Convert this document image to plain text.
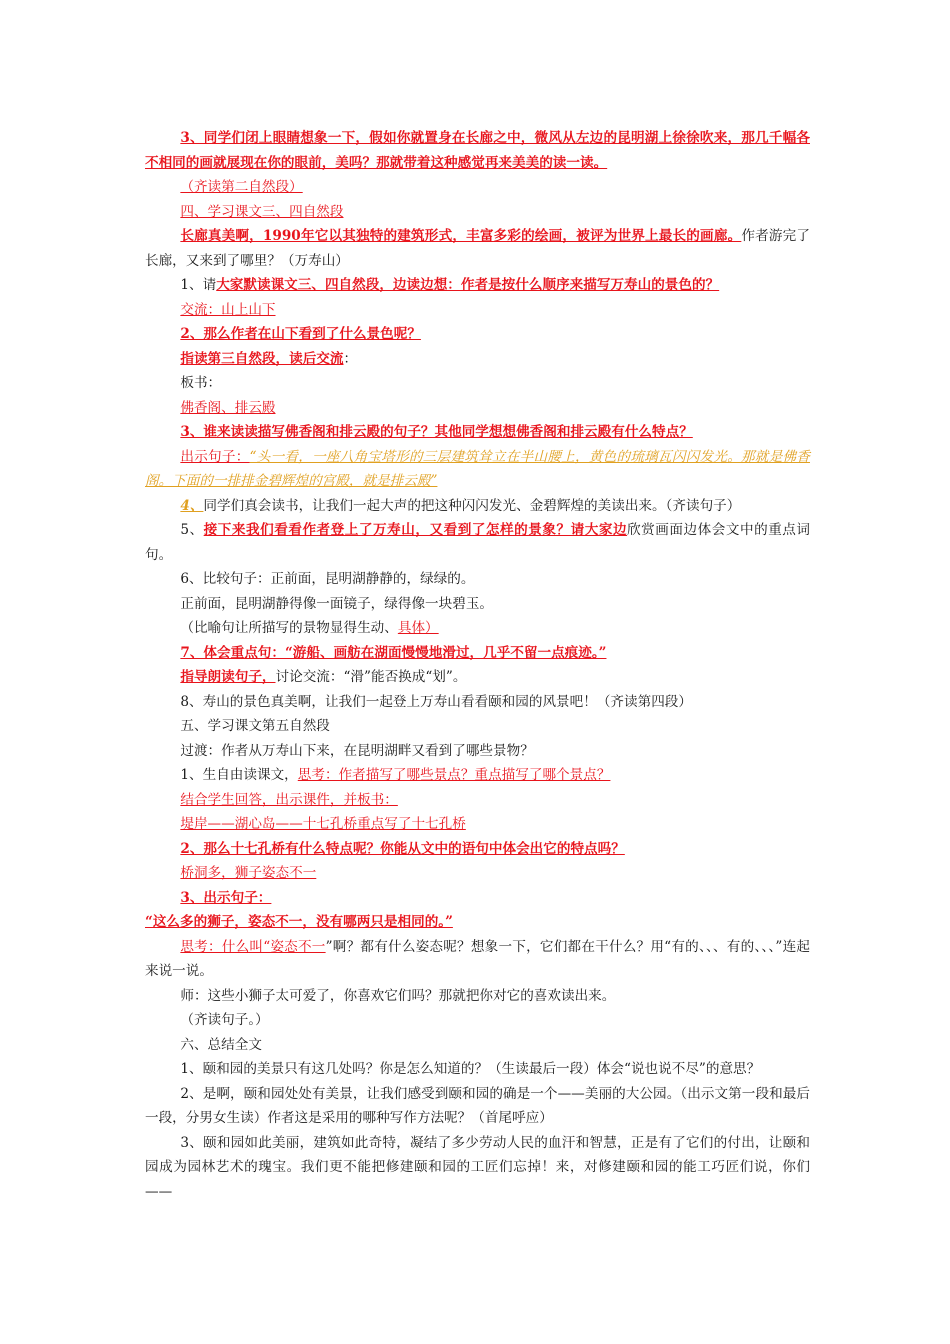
3、同学们闭上眼睛想象一下，假如你就置身在长廊之中，微风从左边的昆明湖上徐徐吹来，那几千幅各不相同的画就展现在你的眼前，美吗？那就带着这种感觉再来美美的读一读。

（齐读第二自然段）

四、学习课文三、四自然段

长廊真美啊，1990年它以其独特的建筑形式，丰富多彩的绘画，被评为世界上最长的画廊。作者游完了长廊，又来到了哪里？（万寿山）

1、请大家默读课文三、四自然段，边读边想：作者是按什么顺序来描写万寿山的景色的？

交流：山上山下

2、那么作者在山下看到了什么景色呢？

指读第三自然段，读后交流：

板书：

佛香阁、排云殿

3、谁来读读描写佛香阁和排云殿的句子？其他同学想想佛香阁和排云殿有什么特点？

出示句子：“头一看，一座八角宝塔形的三层建筑耸立在半山腰上，黄色的琉璃瓦闪闪发光。那就是佛香阁。下面的一排排金碧辉煌的宫殿，就是排云殿”

4、同学们真会读书，让我们一起大声的把这种闪闪发光、金碧辉煌的美读出来。（齐读句子）

5、接下来我们看看作者登上了万寿山，又看到了怎样的景象？请大家边欣赏画面边体会文中的重点词句。

6、比较句子：正前面，昆明湖静静的，绿绿的。

正前面，昆明湖静得像一面镜子，绿得像一块碧玉。

（比喻句让所描写的景物显得生动、具体）

7、体会重点句：“游船、画舫在湖面慢慢地滑过，几乎不留一点痕迹。”

指导朗读句子，讨论交流：“滑”能否换成“划”。

8、寿山的景色真美啊，让我们一起登上万寿山看看颐和园的风景吧！（齐读第四段）

五、学习课文第五自然段

过渡：作者从万寿山下来，在昆明湖畔又看到了哪些景物？

1、生自由读课文，思考：作者描写了哪些景点？重点描写了哪个景点？

结合学生回答，出示课件，并板书：

堤岸——湖心岛——十七孔桥重点写了十七孔桥

2、那么十七孔桥有什么特点呢？你能从文中的语句中体会出它的特点吗？

桥洞多，狮子姿态不一

3、出示句子：

“这么多的狮子，姿态不一，没有哪两只是相同的。”

思考：什么叫“姿态不一”啊？都有什么姿态呢？想象一下，它们都在干什么？用“有的、、、有的、、、”连起来说一说。

师：这些小狮子太可爱了，你喜欢它们吗？那就把你对它的喜欢读出来。

（齐读句子。）

六、总结全文

1、颐和园的美景只有这几处吗？你是怎么知道的？（生读最后一段）体会“说也说不尽”的意思？

2、是啊，颐和园处处有美景，让我们感受到颐和园的确是一个——美丽的大公园。（出示文第一段和最后一段，分男女生读）作者这是采用的哪种写作方法呢？（首尾呼应）

3、颐和园如此美丽，建筑如此奇特，凝结了多少劳动人民的血汗和智慧，正是有了它们的付出，让颐和园成为园林艺术的瑰宝。我们更不能把修建颐和园的工匠们忘掉！来，对修建颐和园的能工巧匠们说，你们——
